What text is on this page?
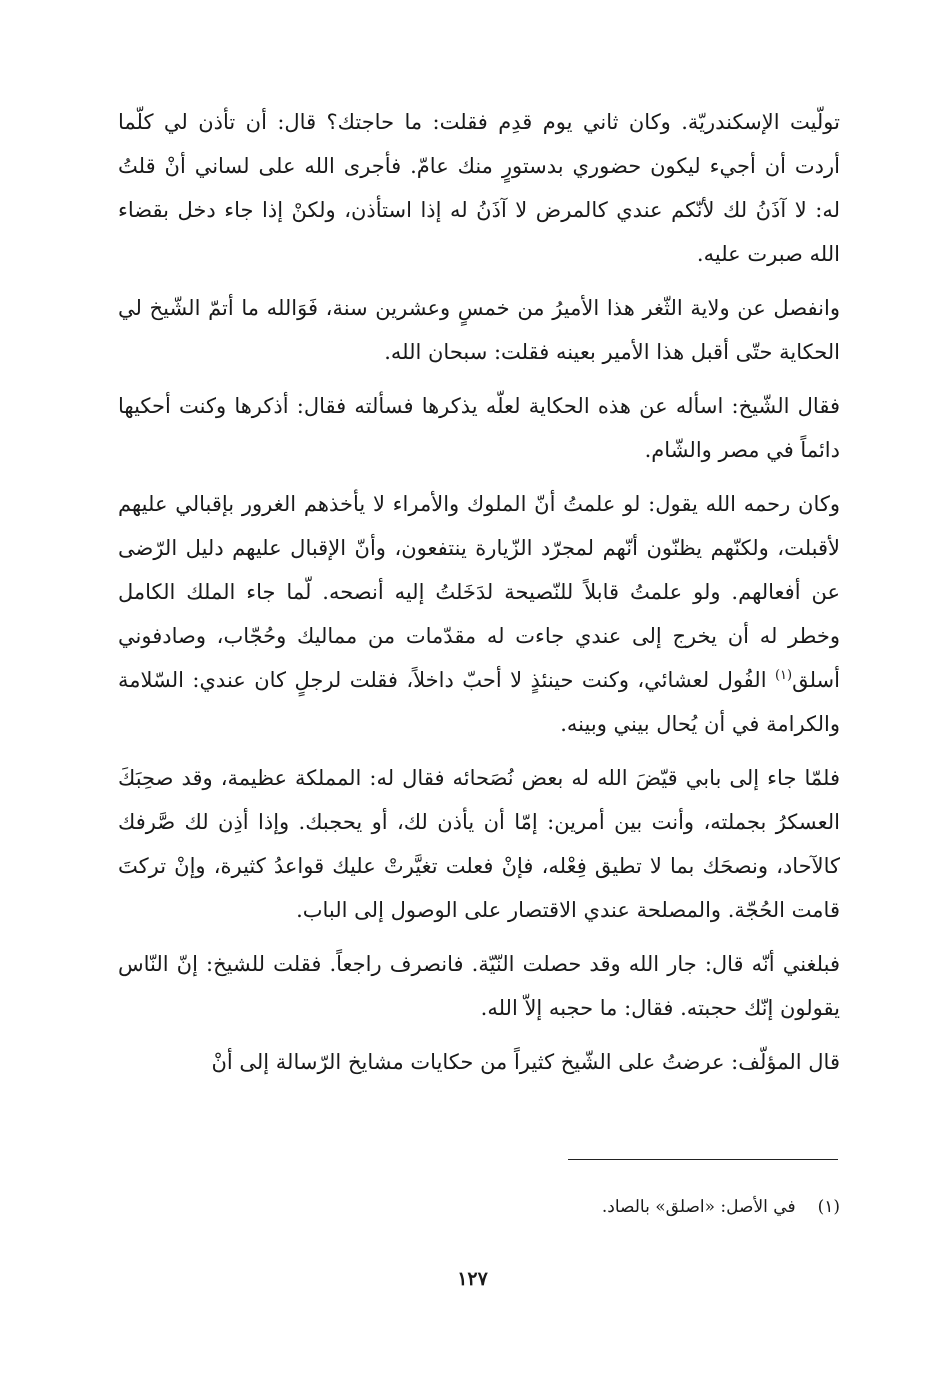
تولّيت الإسكندريّة. وكان ثاني يوم قدِم فقلت: ما حاجتك؟ قال: أن تأذن لي كلّما أردت أن أجيء ليكون حضوري بدستورٍ منك عامّ. فأجرى الله على لساني أنْ قلتُ له: لا آذَنُ لك لأنّكم عندي كالمرض لا آذَنُ له إذا استأذن، ولكنْ إذا جاء دخل بقضاء الله صبرت عليه.

وانفصل عن ولاية الثّغر هذا الأميرُ من خمسٍ وعشرين سنة، فَوَالله ما أتمّ الشّيخ لي الحكاية حتّى أقبل هذا الأمير بعينه فقلت: سبحان الله.

فقال الشّيخ: اسأله عن هذه الحكاية لعلّه يذكرها فسألته فقال: أذكرها وكنت أحكيها دائماً في مصر والشّام.

وكان رحمه الله يقول: لو علمتُ أنّ الملوك والأمراء لا يأخذهم الغرور بإقبالي عليهم لأقبلت، ولكنّهم يظنّون أنّهم لمجرّد الزّيارة ينتفعون، وأنّ الإقبال عليهم دليل الرّضى عن أفعالهم. ولو علمتُ قابلاً للنّصيحة لدَخَلتُ إليه أنصحه. لّما جاء الملك الكامل وخطر له أن يخرج إلى عندي جاءت له مقدّمات من مماليك وحُجّاب، وصادفوني أسلق$^{(١)}$ الفُول لعشائي، وكنت حينئذٍ لا أحبّ داخلاً، فقلت لرجلٍ كان عندي: السّلامة والكرامة في أن يُحال بيني وبينه.

فلمّا جاء إلى بابي قيّضَ الله له بعض نُصَحائه فقال له: المملكة عظيمة، وقد صحِبَكَ العسكرُ بجملته، وأنت بين أمرين: إمّا أن يأذن لك، أو يحجبك. وإذا أذِن لك صَّرفك كالآحاد، ونصحَك بما لا تطيق فِعْله، فإنْ فعلت تغيَّرتْ عليك قواعدُ كثيرة، وإنْ تركتَ قامت الحُجّة. والمصلحة عندي الاقتصار على الوصول إلى الباب.

فبلغني أنّه قال: جار الله وقد حصلت النّيّة. فانصرف راجعاً. فقلت للشيخ: إنّ النّاس يقولون إنّك حجبته. فقال: ما حجبه إلاّ الله.

قال المؤلّف: عرضتُ على الشّيخ كثيراً من حكايات مشايخ الرّسالة إلى أنْ

(١)في الأصل: «اصلق» بالصاد.
١٢٧
